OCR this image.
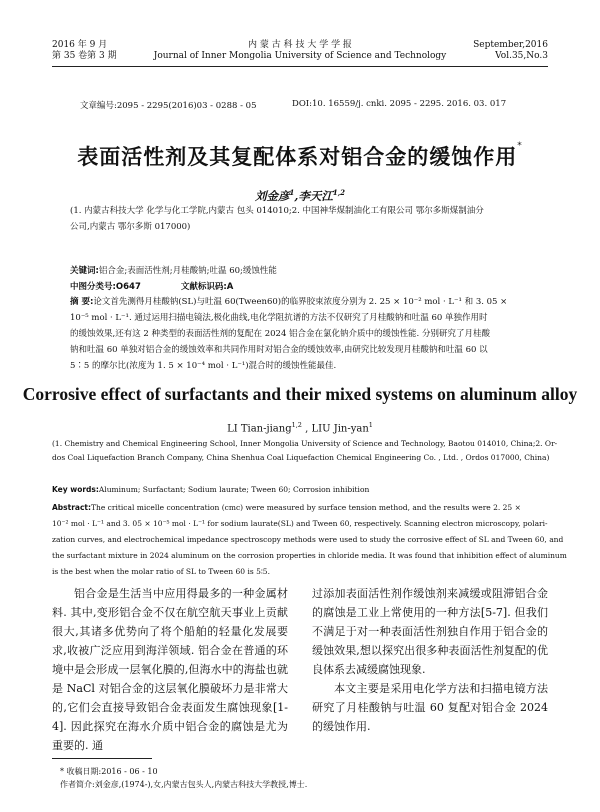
2016 年 9 月
第 35 卷第 3 期
内 蒙 古 科 技 大 学 学 报
Journal of Inner Mongolia University of Science and Technology
September,2016
Vol.35,No.3
文章编号:2095 - 2295(2016)03 - 0288 - 05	DOI:10. 16559/j. cnki. 2095 - 2295. 2016. 03. 017
表面活性剂及其复配体系对铝合金的缓蚀作用*
刘金彦$^1$,李天江$^{1,2}$
(1. 内蒙古科技大学 化学与化工学院,内蒙古 包头 014010;2. 中国神华煤制油化工有限公司 鄂尔多斯煤制油分
公司,内蒙古 鄂尔多斯 017000)
关键词:铝合金;表面活性剂;月桂酸钠;吐温 60;缓蚀性能
中图分类号:O647	文献标识码:A
摘 要:论文首先测得月桂酸钠(SL)与吐温 60(Tween60)的临界胶束浓度分别为 2. 25 × 10⁻² mol · L⁻¹ 和 3. 05 ×
10⁻⁵ mol · L⁻¹. 通过运用扫描电镜法,极化曲线,电化学阻抗谱的方法不仅研究了月桂酸钠和吐温 60 单独作用时
的缓蚀效果,还有这 2 种类型的表面活性剂的复配在 2024 铝合金在氯化钠介质中的缓蚀性能. 分别研究了月桂酸
钠和吐温 60 单独对铝合金的缓蚀效率和共同作用时对铝合金的缓蚀效率,由研究比较发现月桂酸钠和吐温 60 以
5∶5 的摩尔比(浓度为 1. 5 × 10⁻⁴ mol · L⁻¹)混合时的缓蚀性能最佳.
Corrosive effect of surfactants and their mixed systems on aluminum alloy
LI Tian-jiang$^{1,2}$ , LIU Jin-yan$^1$
(1. Chemistry and Chemical Engineering School, Inner Mongolia University of Science and Technology, Baotou 014010, China;2. Or-
dos Coal Liquefaction Branch Company, China Shenhua Coal Liquefaction Chemical Engineering Co. , Ltd. , Ordos 017000, China)
Key words:Aluminum; Surfactant; Sodium laurate; Tween 60; Corrosion inhibition
Abstract:The critical micelle concentration (cmc) were measured by surface tension method, and the results were 2. 25 ×
10⁻² mol · L⁻¹ and 3. 05 × 10⁻⁵ mol · L⁻¹ for sodium laurate(SL) and Tween 60, respectively. Scanning electron microscopy, polari-
zation curves, and electrochemical impedance spectroscopy methods were used to study the corrosive effect of SL and Tween 60, and
the surfactant mixture in 2024 aluminum on the corrosion properties in chloride media. It was found that inhibition effect of aluminum
is the best when the molar ratio of SL to Tween 60 is 5∶5.
铝合金是生活当中应用得最多的一种金属材料. 其中,变形铝合金不仅在航空航天事业上贡献很大,其诸多优势向了将个船舶的轻量化发展要求,收被广泛应用到海洋领域. 铝合金在普通的环境中是会形成一层氧化膜的,但海水中的海盐也就是 NaCl 对铝合金的这层氧化膜破坏力是非常大的,它们会直接导致铝合金表面发生腐蚀现象[1-4]. 因此探究在海水介质中铝合金的腐蚀是尤为重要的. 通
过添加表面活性剂作缓蚀剂来减缓或阻滞铝合金的腐蚀是工业上常使用的一种方法[5-7]. 但我们不满足于对一种表面活性剂独自作用于铝合金的缓蚀效果,想以探究出很多种表面活性剂复配的优良体系去减缓腐蚀现象.
本文主要是采用电化学方法和扫描电镜方法研究了月桂酸钠与吐温 60 复配对铝合金 2024 的缓蚀作用.
* 收稿日期:2016 - 06 - 10
作者简介:刘金彦,(1974-),女,内蒙古包头人,内蒙古科技大学教授,博士.
